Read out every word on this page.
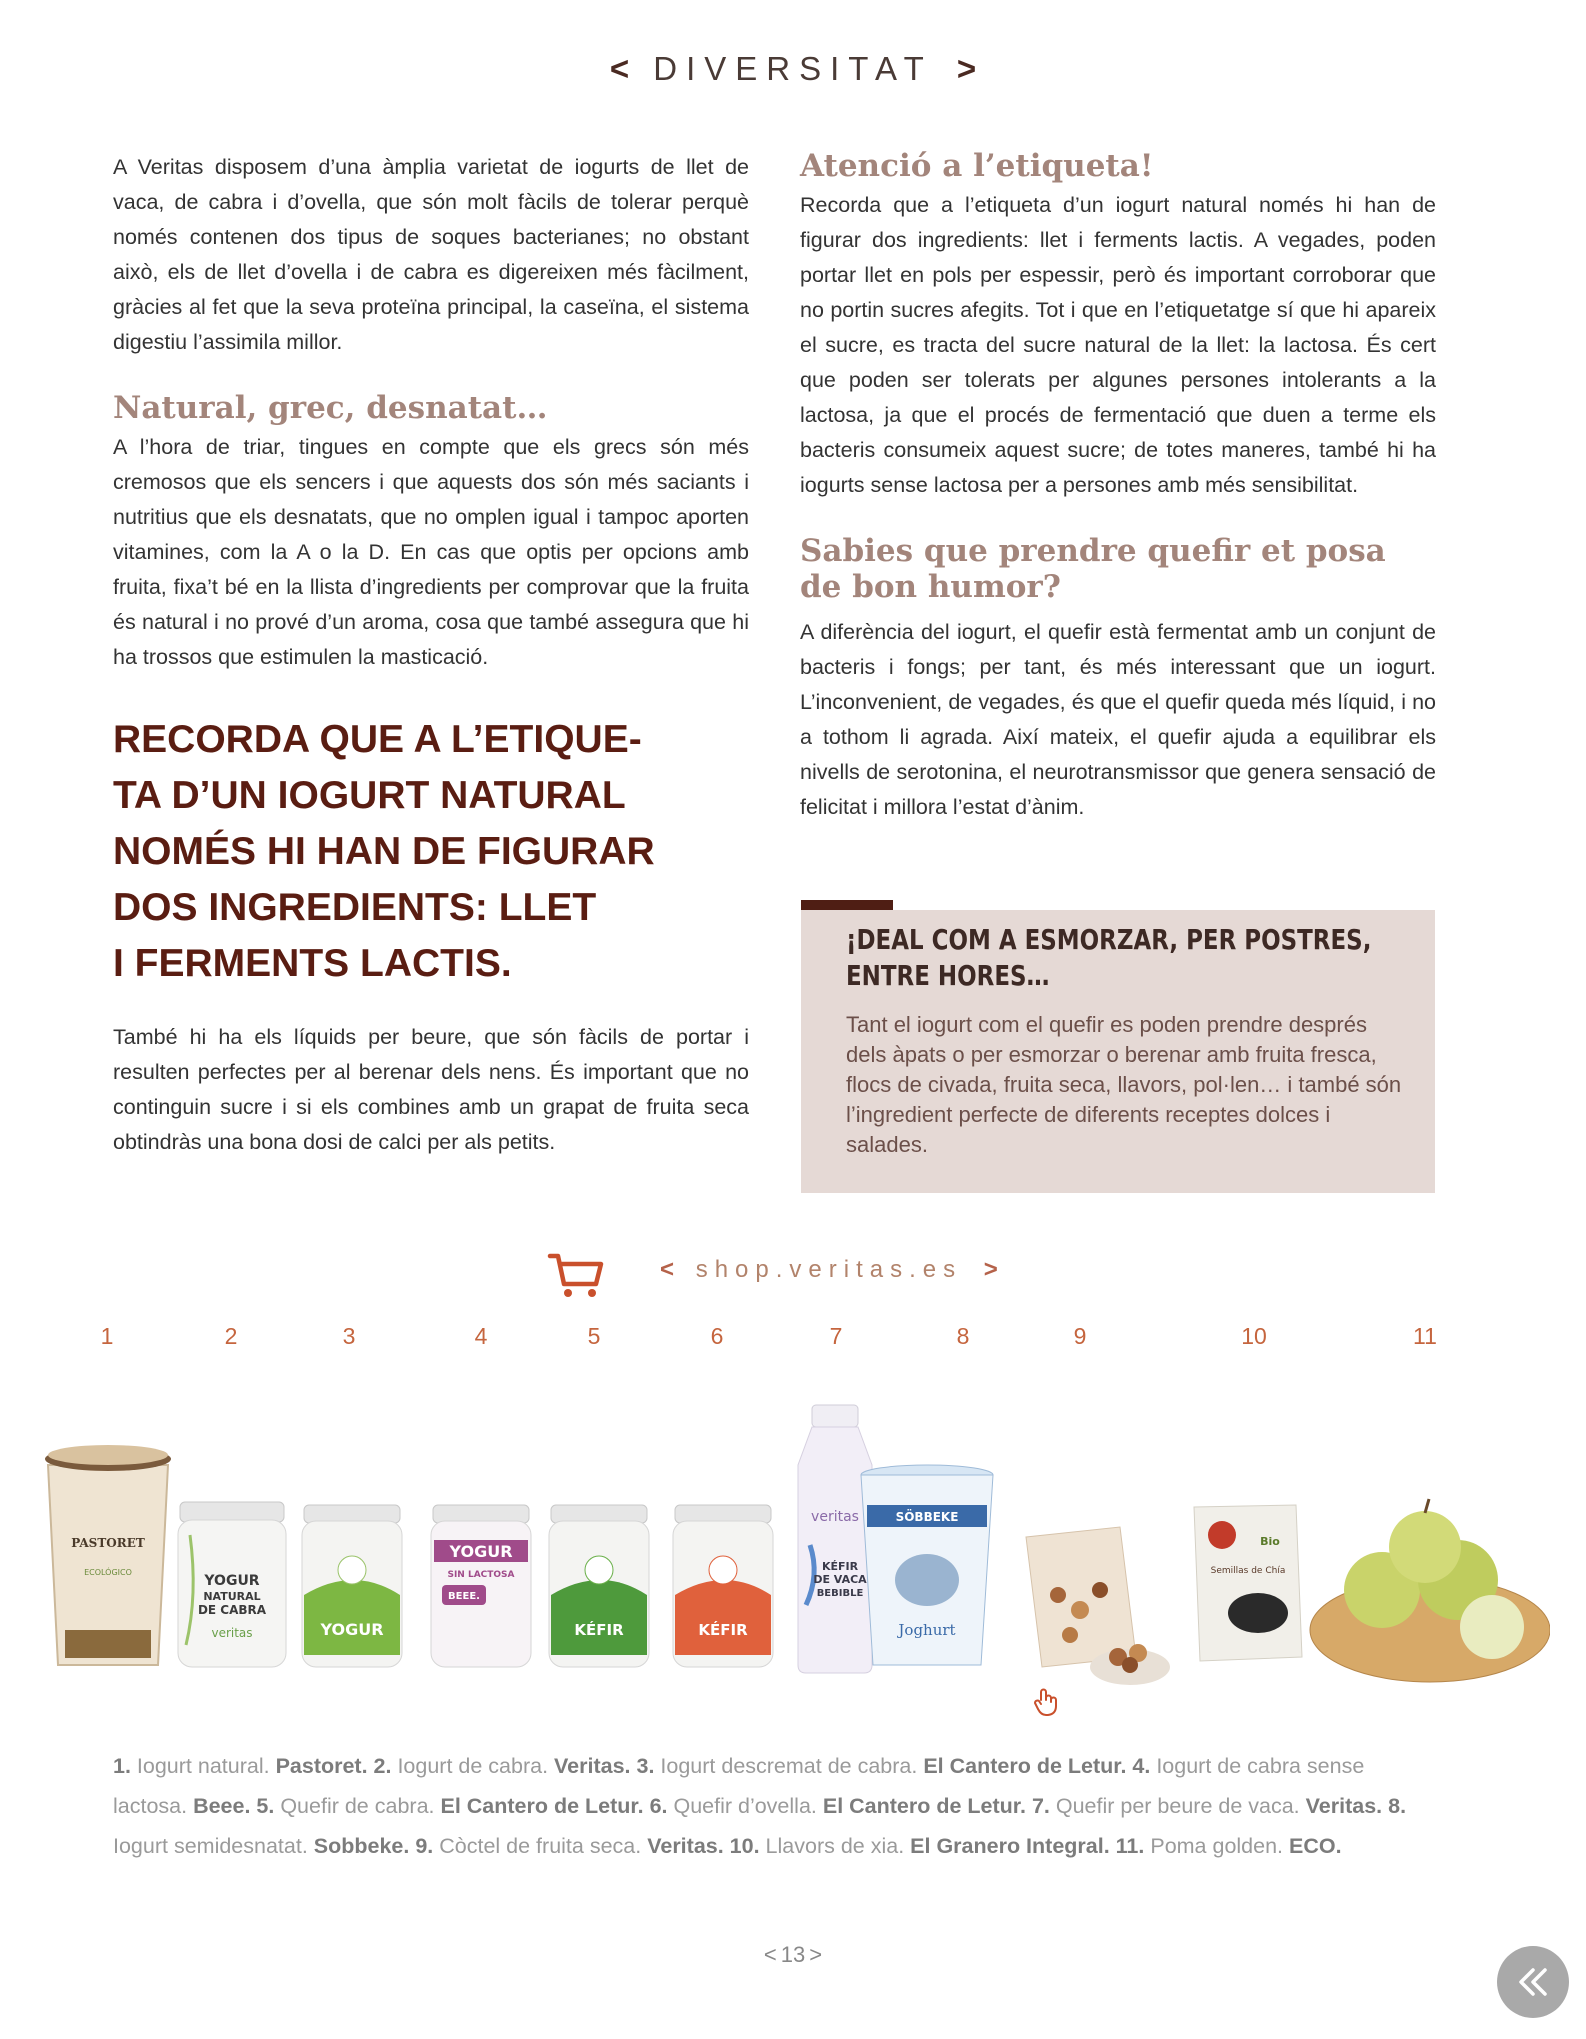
< DIVERSITAT >

A Veritas disposem d’una àmplia varietat de iogurts de llet de vaca, de cabra i d’ovella, que són molt fàcils de tolerar perquè només contenen dos tipus de soques bacterianes; no obstant això, els de llet d’ovella i de cabra es digereixen més fàcilment, gràcies al fet que la seva proteïna principal, la caseïna, el sistema digestiu l’assimila millor.

Natural, grec, desnatat…

A l’hora de triar, tingues en compte que els grecs són més cremosos que els sencers i que aquests dos són més saciants i nutritius que els desnatats, que no omplen igual i tampoc aporten vitamines, com la A o la D. En cas que optis per opcions amb fruita, fixa’t bé en la llista d’ingredients per comprovar que la fruita és natural i no prové d’un aroma, cosa que també assegura que hi ha trossos que estimulen la masticació.

RECORDA QUE A L’ETIQUE-
TA D’UN IOGURT NATURAL
NOMÉS HI HAN DE FIGURAR
DOS INGREDIENTS: LLET
I FERMENTS LACTIS.

També hi ha els líquids per beure, que són fàcils de portar i resulten perfectes per al berenar dels nens. És important que no continguin sucre i si els combines amb un grapat de fruita seca obtindràs una bona dosi de calci per als petits.

Atenció a l’etiqueta!

Recorda que a l’etiqueta d’un iogurt natural només hi han de figurar dos ingredients: llet i ferments lactis. A vegades, poden portar llet en pols per espessir, però és important corroborar que no portin sucres afegits. Tot i que en l’etiquetatge sí que hi apareix el sucre, es tracta del sucre natural de la llet: la lactosa. És cert que poden ser tolerats per algunes persones intolerants a la lactosa, ja que el procés de fermentació que duen a terme els bacteris consumeix aquest sucre; de totes maneres, també hi ha iogurts sense lactosa per a persones amb més sensibilitat.

Sabies que prendre quefir et posa de bon humor?

A diferència del iogurt, el quefir està fermentat amb un conjunt de bacteris i fongs; per tant, és més interessant que un iogurt. L’inconvenient, de vegades, és que el quefir queda més líquid, i no a tothom li agrada. Així mateix, el quefir ajuda a equilibrar els nivells de serotonina, el neurotransmissor que genera sensació de felicitat i millora l’estat d’ànim.

¡DEAL COM A ESMORZAR, PER POSTRES,
ENTRE HORES…
Tant el iogurt com el quefir es poden prendre després dels àpats o per esmorzar o berenar amb fruita fresca, flocs de civada, fruita seca, llavors, pol·len… i també són l’ingredient perfecte de diferents receptes dolces i salades.
< shop.veritas.es >
1	2	3	4	5	6	7	8	9	10	11
PASTORET
ECOLÓGICO
YOGUR
NATURAL
DE CABRA
veritas	YOGUR
YOGUR
SIN LACTOSA
BEEE.
KÉFIR	KÉFIR
veritas
KÉFIR
DE VACA
BEBIBLE
SÖBBEKE
Joghurt
Bio
Semillas de Chía
1. Iogurt natural. Pastoret. 2. Iogurt de cabra. Veritas. 3. Iogurt descremat de cabra. El Cantero de Letur. 4. Iogurt de cabra sense lactosa. Beee. 5. Quefir de cabra. El Cantero de Letur. 6. Quefir d’ovella. El Cantero de Letur. 7. Quefir per beure de vaca. Veritas. 8. Iogurt semidesnatat. Sobbeke. 9. Còctel de fruita seca. Veritas. 10. Llavors de xia. El Granero Integral. 11. Poma golden. ECO.
< 13 >
